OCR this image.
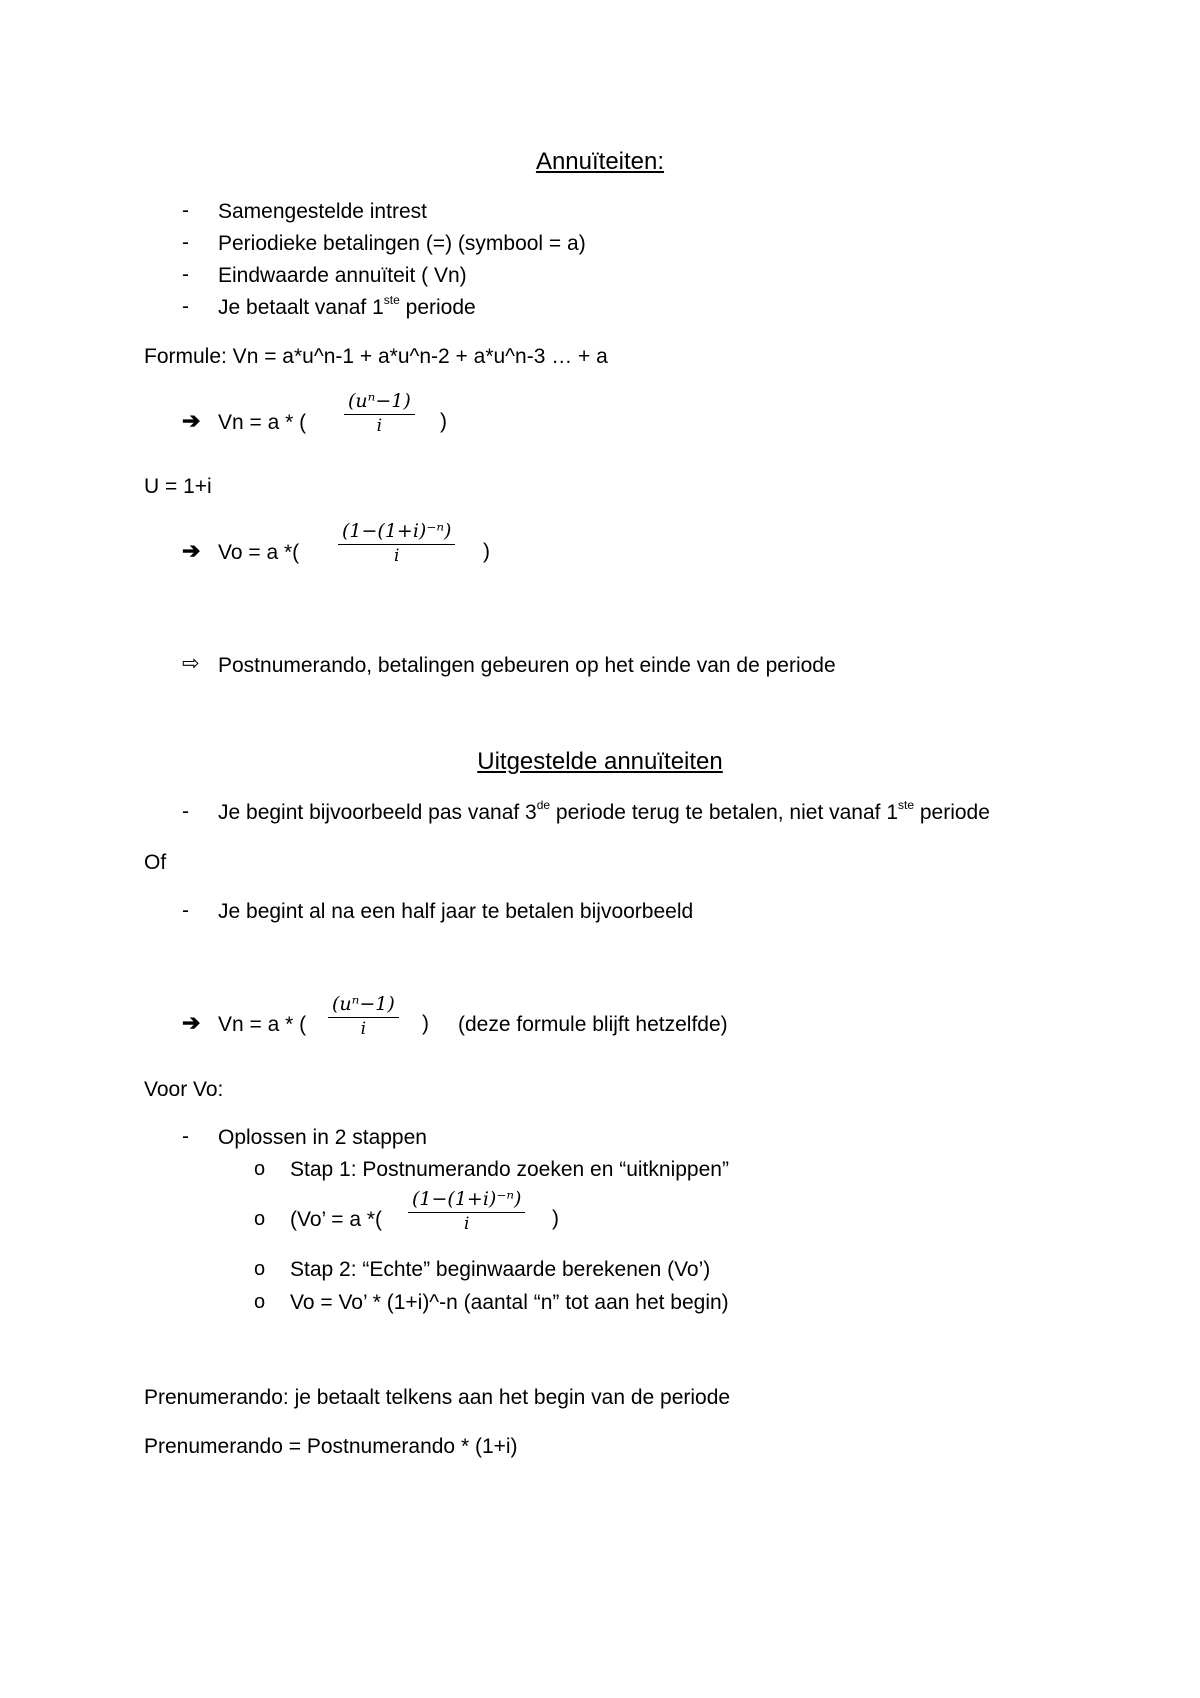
Annuïteiten:
- Samengestelde intrest
- Periodieke betalingen (=) (symbool = a)
- Eindwaarde annuïteit ( Vn)
- Je betaalt vanaf 1ste periode
Formule: Vn = a*u^n-1 + a*u^n-2 + a*u^n-3 … + a
➔ Vn = a * (
(uⁿ−1)
i	)
U = 1+i
➔ Vo = a *(
(1−(1+i)⁻ⁿ)
i	)
⇨ Postnumerando, betalingen gebeuren op het einde van de periode
Uitgestelde annuïteiten
- Je begint bijvoorbeeld pas vanaf 3de periode terug te betalen, niet vanaf 1ste periode
Of
- Je begint al na een half jaar te betalen bijvoorbeeld
➔ Vn = a * (
(uⁿ−1)
i	) (deze formule blijft hetzelfde)
Voor Vo:
- Oplossen in 2 stappen
o Stap 1: Postnumerando zoeken en “uitknippen”
o (Vo’ = a *(
(1−(1+i)⁻ⁿ)
i	)
o Stap 2: “Echte” beginwaarde berekenen (Vo’)
o Vo = Vo’ * (1+i)^-n (aantal “n” tot aan het begin)
Prenumerando: je betaalt telkens aan het begin van de periode
Prenumerando = Postnumerando * (1+i)
